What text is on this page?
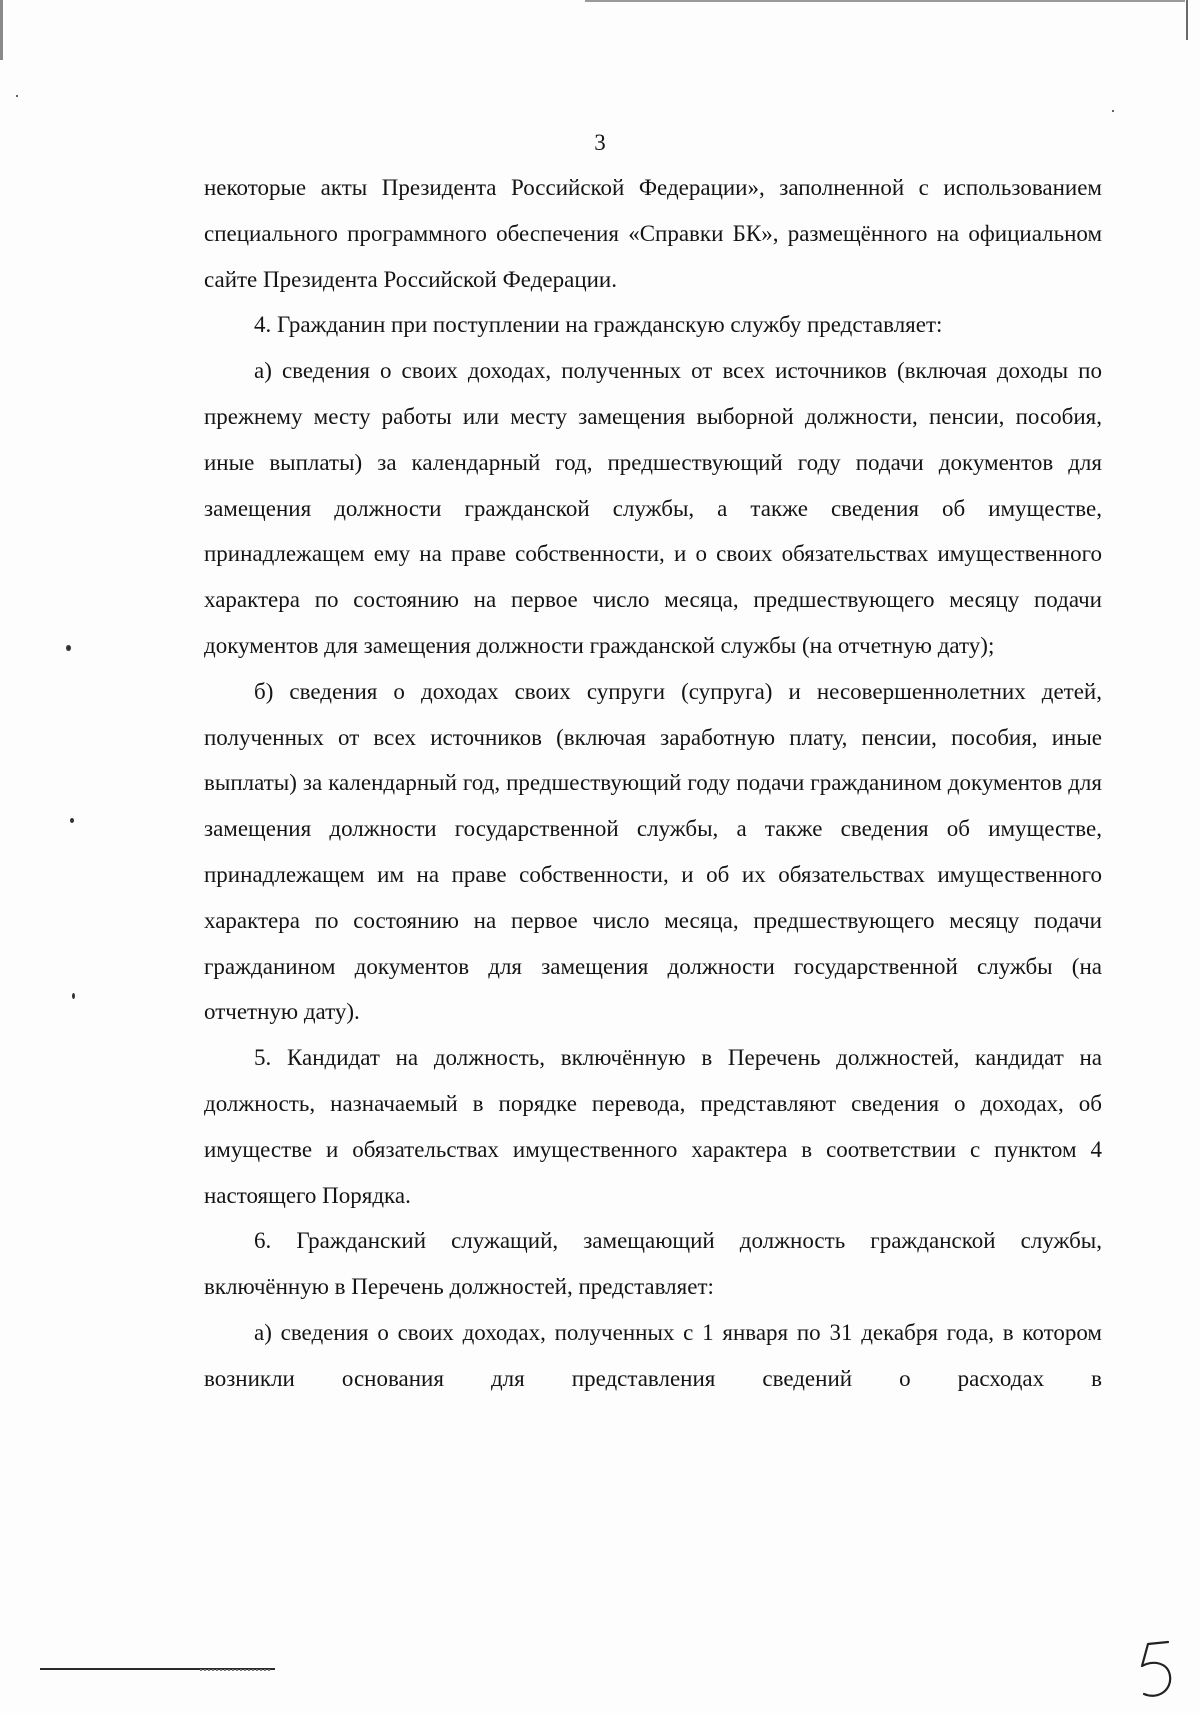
3

некоторые акты Президента Российской Федерации», заполненной с использованием специального программного обеспечения «Справки БК», размещённого на официальном сайте Президента Российской Федерации.

4. Гражданин при поступлении на гражданскую службу представляет:

а) сведения о своих доходах, полученных от всех источников (включая доходы по прежнему месту работы или месту замещения выборной должности, пенсии, пособия, иные выплаты) за календарный год, предшествующий году подачи документов для замещения должности гражданской службы, а также сведения об имуществе, принадлежащем ему на праве собственности, и о своих обязательствах имущественного характера по состоянию на первое число месяца, предшествующего месяцу подачи документов для замещения должности гражданской службы (на отчетную дату);

б) сведения о доходах своих супруги (супруга) и несовершеннолетних детей, полученных от всех источников (включая заработную плату, пенсии, пособия, иные выплаты) за календарный год, предшествующий году подачи гражданином документов для замещения должности государственной службы, а также сведения об имуществе, принадлежащем им на праве собственности, и об их обязательствах имущественного характера по состоянию на первое число месяца, предшествующего месяцу подачи гражданином документов для замещения должности государственной службы (на отчетную дату).

5. Кандидат на должность, включённую в Перечень должностей, кандидат на должность, назначаемый в порядке перевода, представляют сведения о доходах, об имуществе и обязательствах имущественного характера в соответствии с пунктом 4 настоящего Порядка.

6. Гражданский служащий, замещающий должность гражданской службы, включённую в Перечень должностей, представляет:

а) сведения о своих доходах, полученных с 1 января по 31 декабря года, в котором возникли основания для представления сведений о расходах в
